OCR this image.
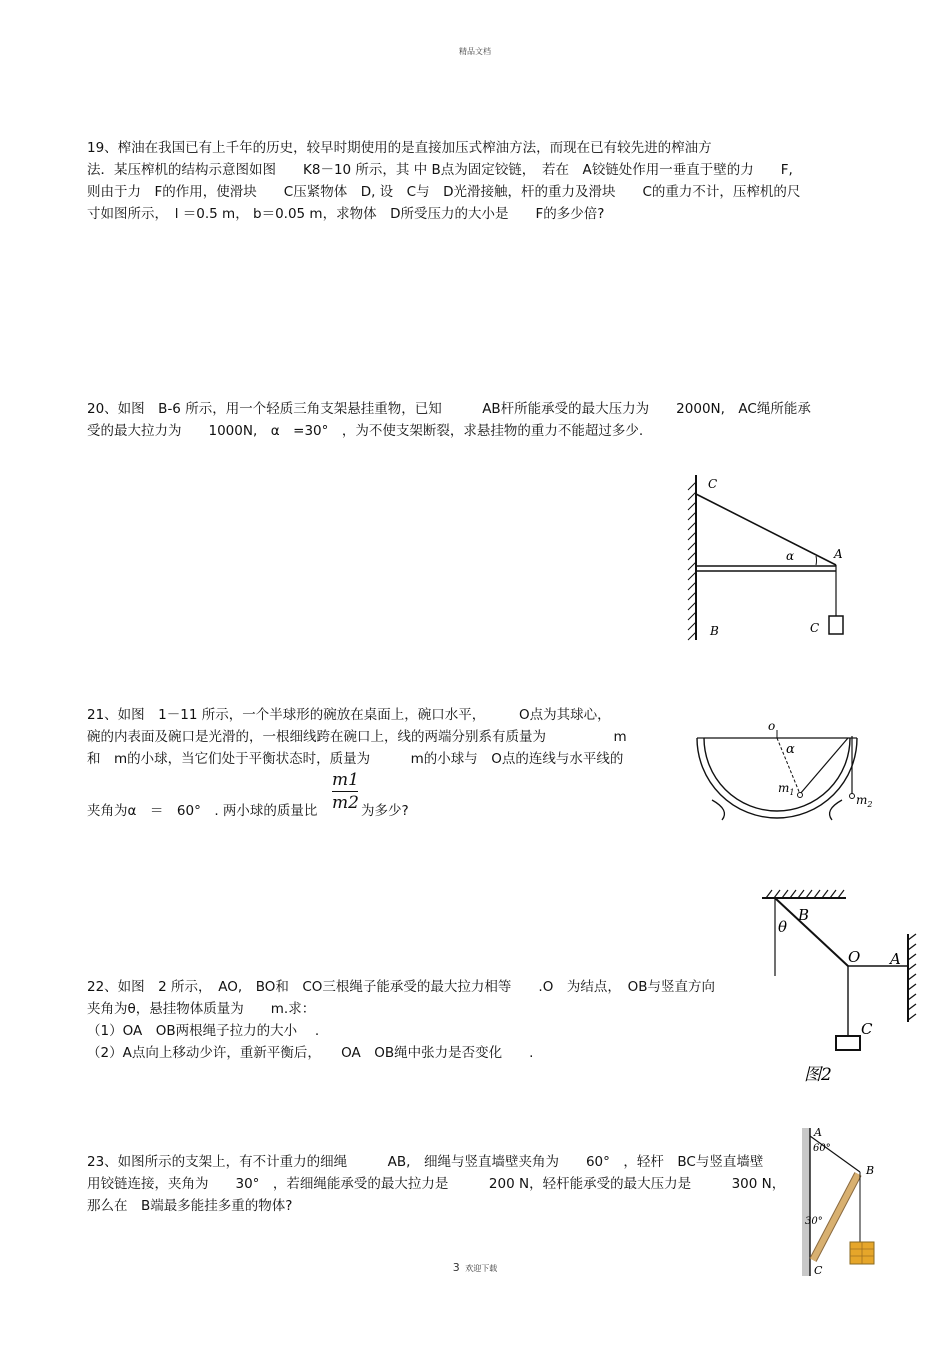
精品文档
19、榨油在我国已有上千年的历史，较早时期使用的是直接加压式榨油方法，而现在已有较先进的榨油方
法．某压榨机的结构示意图如图　　K8－10 所示，其 中 B点为固定铰链，　若在　A铰链处作用一垂直于壁的力　　F,
则由于力　F的作用，使滑块　　C压紧物体　D, 设　C与　D光滑接触，杆的重力及滑块　　C的重力不计，压榨机的尺
寸如图所示，　l ＝0.5 m， b＝0.05 m，求物体　D所受压力的大小是　　F的多少倍?
20、如图　B-6 所示，用一个轻质三角支架悬挂重物，已知　　　AB杆所能承受的最大压力为　　2000N,　AC绳所能承
受的最大拉力为　　1000N,　α　=30°　，为不使支架断裂，求悬挂物的重力不能超过多少.
C
A
α
B	C
21、如图　1－11 所示，一个半球形的碗放在桌面上，碗口水平，　　　O点为其球心，
碗的内表面及碗口是光滑的，一根细线跨在碗口上，线的两端分别系有质量为　　　　　m
和　m的小球，当它们处于平衡状态时，质量为　　　m的小球与　O点的连线与水平线的
夹角为α　＝　60°　. 两小球的质量比
m1
m2 为多少?
o
α
$m_1$
$m_2$
22、如图　2 所示，　AO,　BO和　CO三根绳子能承受的最大拉力相等　　.O　为结点，　OB与竖直方向
夹角为θ，悬挂物体质量为　　m.求：
（1）OA　OB两根绳子拉力的大小　 .
（2）A点向上移动少许，重新平衡后，　　OA　OB绳中张力是否变化　　.
B
θ
O A
C
图2
23、如图所示的支架上，有不计重力的细绳　　　AB,　细绳与竖直墙壁夹角为　　60°　，轻杆　BC与竖直墙壁
用铰链连接，夹角为　　30°　，若细绳能承受的最大拉力是　　　200 N，轻杆能承受的最大压力是　　　300 N，
那么在　B端最多能挂多重的物体?
A
60°
B
30°
C
3 欢迎下载
